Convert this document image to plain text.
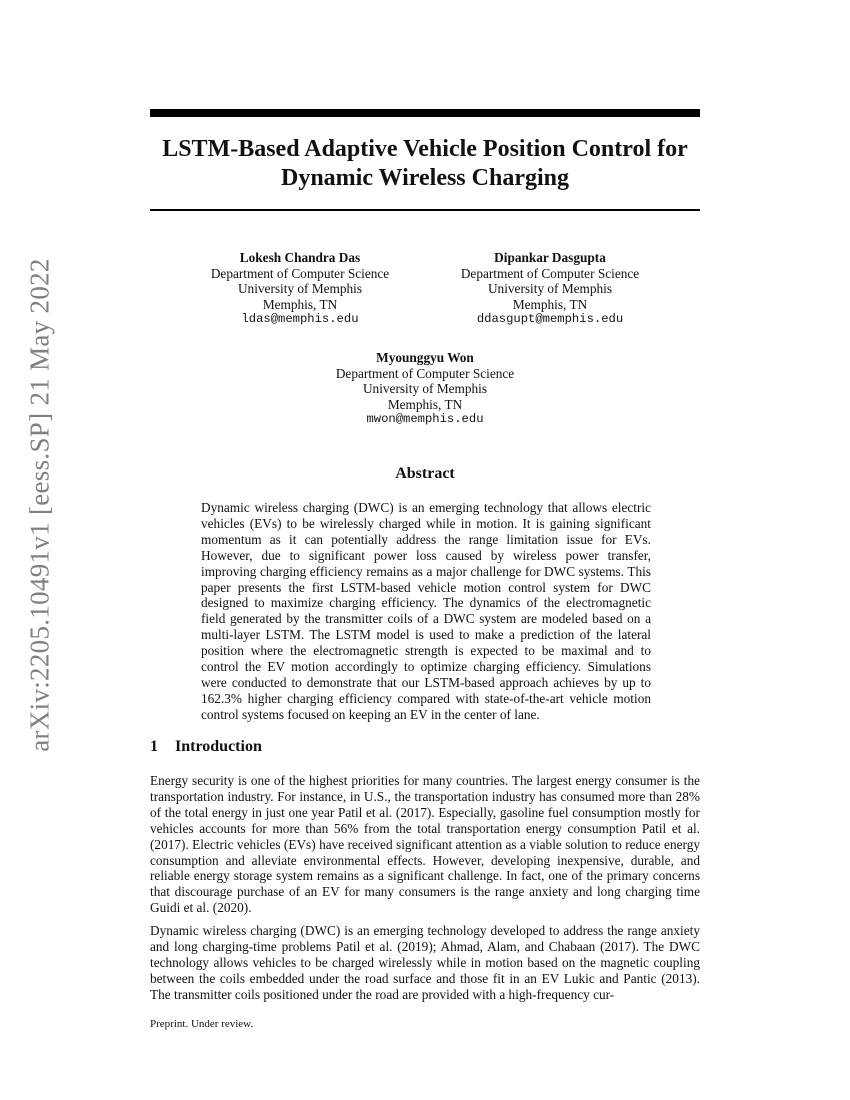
arXiv:2205.10491v1 [eess.SP] 21 May 2022
LSTM-Based Adaptive Vehicle Position Control for
Dynamic Wireless Charging
Lokesh Chandra Das
Department of Computer Science
University of Memphis
Memphis, TN
ldas@memphis.edu
Dipankar Dasgupta
Department of Computer Science
University of Memphis
Memphis, TN
ddasgupt@memphis.edu
Myounggyu Won
Department of Computer Science
University of Memphis
Memphis, TN
mwon@memphis.edu
Abstract
Dynamic wireless charging (DWC) is an emerging technology that allows electric vehicles (EVs) to be wirelessly charged while in motion. It is gaining significant momentum as it can potentially address the range limitation issue for EVs. However, due to significant power loss caused by wireless power transfer, improving charging efficiency remains as a major challenge for DWC systems. This paper presents the first LSTM-based vehicle motion control system for DWC designed to maximize charging efficiency. The dynamics of the electromagnetic field generated by the transmitter coils of a DWC system are modeled based on a multi-layer LSTM. The LSTM model is used to make a prediction of the lateral position where the electromagnetic strength is expected to be maximal and to control the EV motion accordingly to optimize charging efficiency. Simulations were conducted to demonstrate that our LSTM-based approach achieves by up to 162.3% higher charging efficiency compared with state-of-the-art vehicle motion control systems focused on keeping an EV in the center of lane.
1 Introduction

Energy security is one of the highest priorities for many countries. The largest energy consumer is the transportation industry. For instance, in U.S., the transportation industry has consumed more than 28% of the total energy in just one year Patil et al. (2017). Especially, gasoline fuel consumption mostly for vehicles accounts for more than 56% from the total transportation energy consumption Patil et al. (2017). Electric vehicles (EVs) have received significant attention as a viable solution to reduce energy consumption and alleviate environmental effects. However, developing inexpensive, durable, and reliable energy storage system remains as a significant challenge. In fact, one of the primary concerns that discourage purchase of an EV for many consumers is the range anxiety and long charging time Guidi et al. (2020).

Dynamic wireless charging (DWC) is an emerging technology developed to address the range anxiety and long charging-time problems Patil et al. (2019); Ahmad, Alam, and Chabaan (2017). The DWC technology allows vehicles to be charged wirelessly while in motion based on the magnetic coupling between the coils embedded under the road surface and those fit in an EV Lukic and Pantic (2013). The transmitter coils positioned under the road are provided with a high-frequency cur-

Preprint. Under review.
